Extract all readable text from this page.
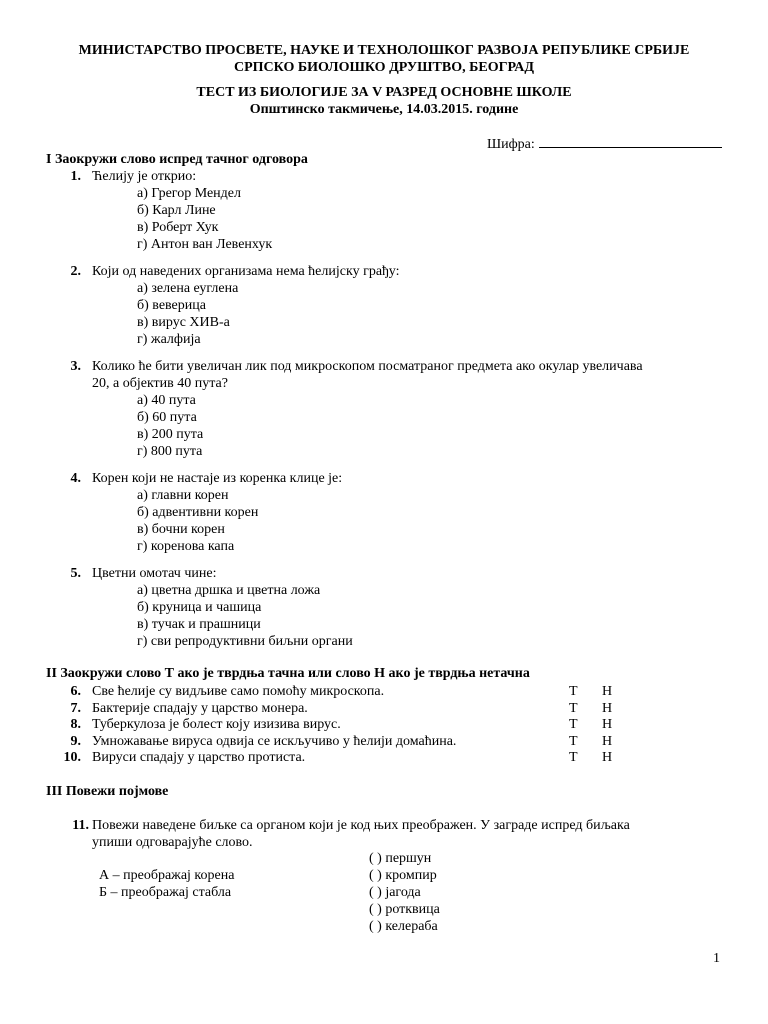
МИНИСТАРСТВО ПРОСВЕТЕ, НАУКЕ И ТЕХНОЛОШКОГ РАЗВОЈА РЕПУБЛИКЕ СРБИЈЕ
СРПСКО БИОЛОШКО ДРУШТВО, БЕОГРАД
ТЕСТ ИЗ БИОЛОГИЈЕ ЗА V РАЗРЕД ОСНОВНЕ ШКОЛЕ
Општинско такмичење, 14.03.2015. године
Шифра:
I Заокружи слово испред тачног одговора
1. Ћелију је открио:
а) Грегор Мендел
б) Карл Лине
в) Роберт Хук
г) Антон ван Левенхук
2. Који од наведених организама нема ћелијску грађу:
а) зелена еуглена
б) веверица
в) вирус ХИВ-а
г) жалфија
3. Колико ће бити увеличан лик под микроскопом посматраног предмета ако окулар увеличава
20, а објектив 40 пута?
а) 40 пута
б) 60 пута
в) 200 пута
г) 800 пута
4. Корен који не настаје из коренка клице је:
а) главни корен
б) адвентивни корен
в) бочни корен
г) коренова капа
5. Цветни омотач чине:
а) цветна дршка и цветна ложа
б) круница и чашица
в) тучак и прашници
г) сви репродуктивни биљни органи
II Заокружи слово Т ако је тврдња тачна или слово Н ако је тврдња нетачна
6. Све ћелије су видљиве само помоћу микроскопа.	Т Н
7. Бактерије спадају у царство монера.	Т Н
8. Туберкулоза је болест коју изизива вирус.	Т Н
9. Умножавање вируса одвија се искључиво у ћелији домаћина.	Т Н
10. Вируси спадају у царство протиста.	Т Н
III Повежи појмове
11. Повежи наведене биљке са органом који је код њих преображен. У заграде испред биљака
упиши одговарајуће слово.
А – преображај корена
Б – преображај стабла
( ) першун
( ) кромпир
( ) јагода
( ) ротквица
( ) келераба
1
